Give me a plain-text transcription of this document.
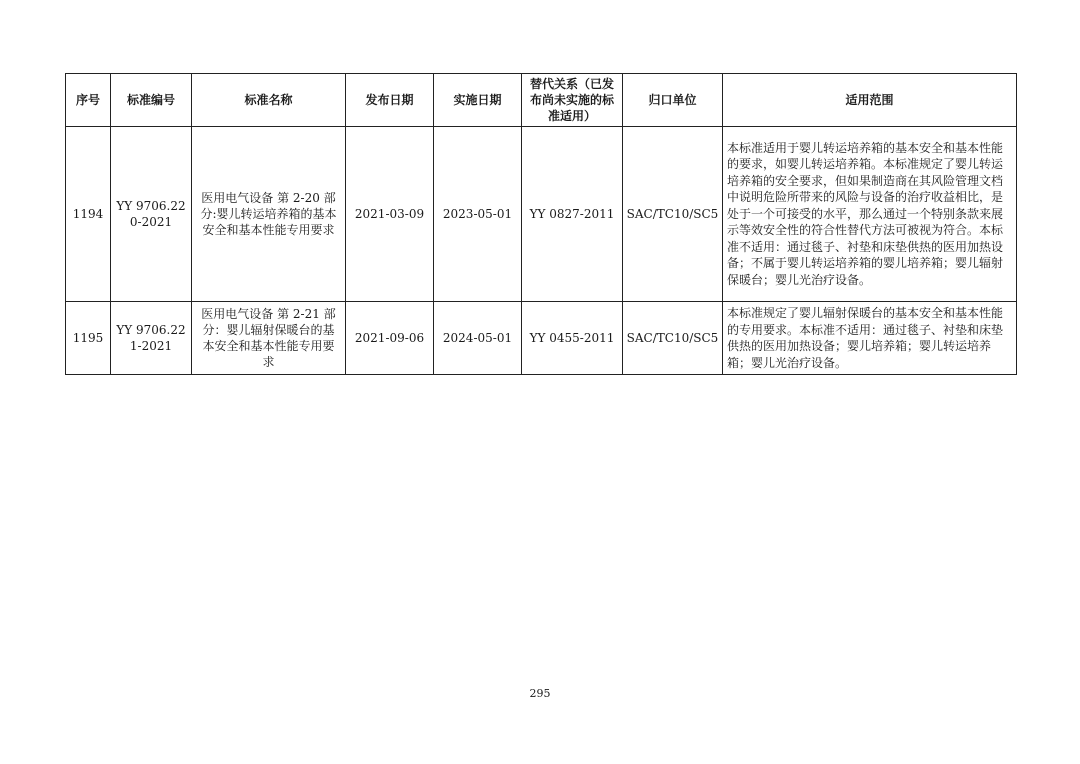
序号	标准编号	标准名称	发布日期	实施日期	替代关系（已发布尚未实施的标准适用）	归口单位	适用范围
1194	YY 9706.220-2021	医用电气设备 第 2-20 部分:婴儿转运培养箱的基本安全和基本性能专用要求	2021-03-09	2023-05-01	YY 0827-2011	SAC/TC10/SC5	本标准适用于婴儿转运培养箱的基本安全和基本性能的要求，如婴儿转运培养箱。本标准规定了婴儿转运培养箱的安全要求，但如果制造商在其风险管理文档中说明危险所带来的风险与设备的治疗收益相比，是处于一个可接受的水平，那么通过一个特别条款来展示等效安全性的符合性替代方法可被视为符合。本标准不适用：通过毯子、衬垫和床垫供热的医用加热设备；不属于婴儿转运培养箱的婴儿培养箱；婴儿辐射保暖台；婴儿光治疗设备。
1195	YY 9706.221-2021	医用电气设备 第 2-21 部分：婴儿辐射保暖台的基本安全和基本性能专用要求	2021-09-06	2024-05-01	YY 0455-2011	SAC/TC10/SC5	本标准规定了婴儿辐射保暖台的基本安全和基本性能的专用要求。本标准不适用：通过毯子、衬垫和床垫供热的医用加热设备；婴儿培养箱；婴儿转运培养箱；婴儿光治疗设备。
295
